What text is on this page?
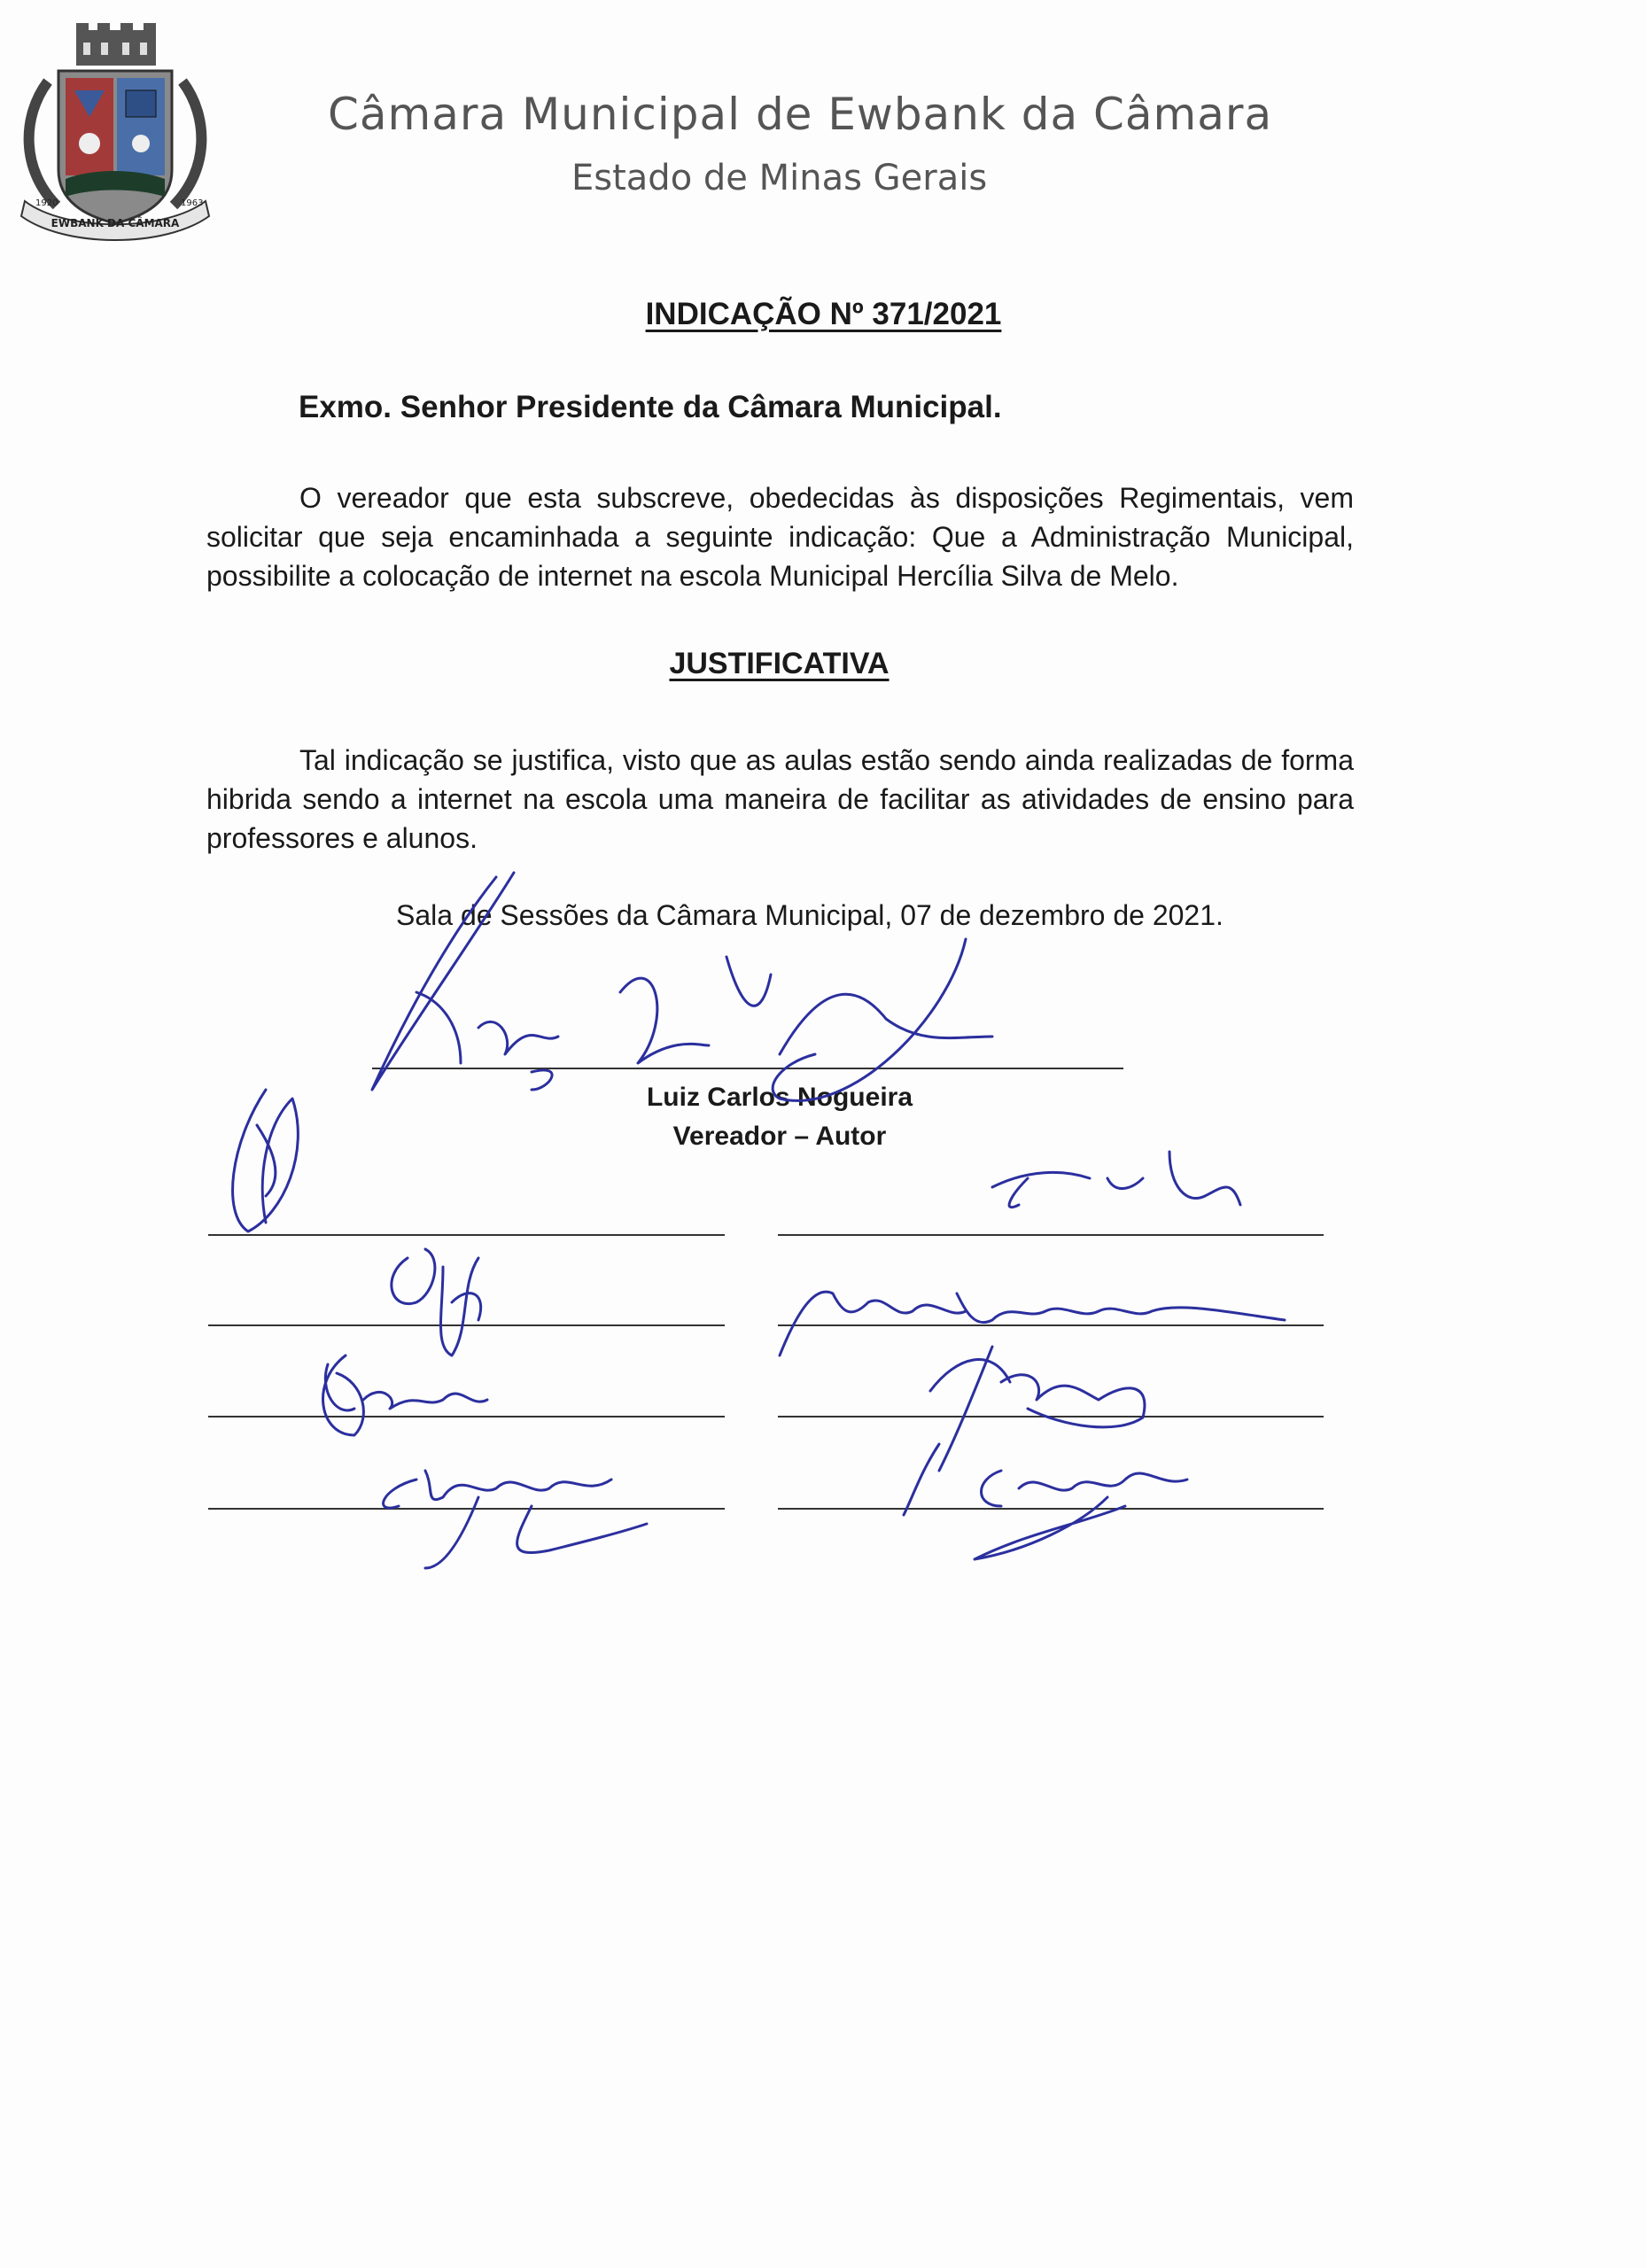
EWBANK DA CÂMARA
1920	1963
Câmara Municipal de Ewbank da Câmara
Estado de Minas Gerais
INDICAÇÃO Nº 371/2021
Exmo. Senhor Presidente da Câmara Municipal.
O vereador que esta subscreve, obedecidas às disposições Regimentais, vem solicitar que seja encaminhada a seguinte indicação: Que a Administração Municipal, possibilite a colocação de internet na escola Municipal Hercília Silva de Melo.
JUSTIFICATIVA
Tal indicação se justifica, visto que as aulas estão sendo ainda realizadas de forma hibrida sendo a internet na escola uma maneira de facilitar as atividades de ensino para professores e alunos.
Sala de Sessões da Câmara Municipal, 07 de dezembro de 2021.
Luiz Carlos Nogueira
Vereador – Autor
